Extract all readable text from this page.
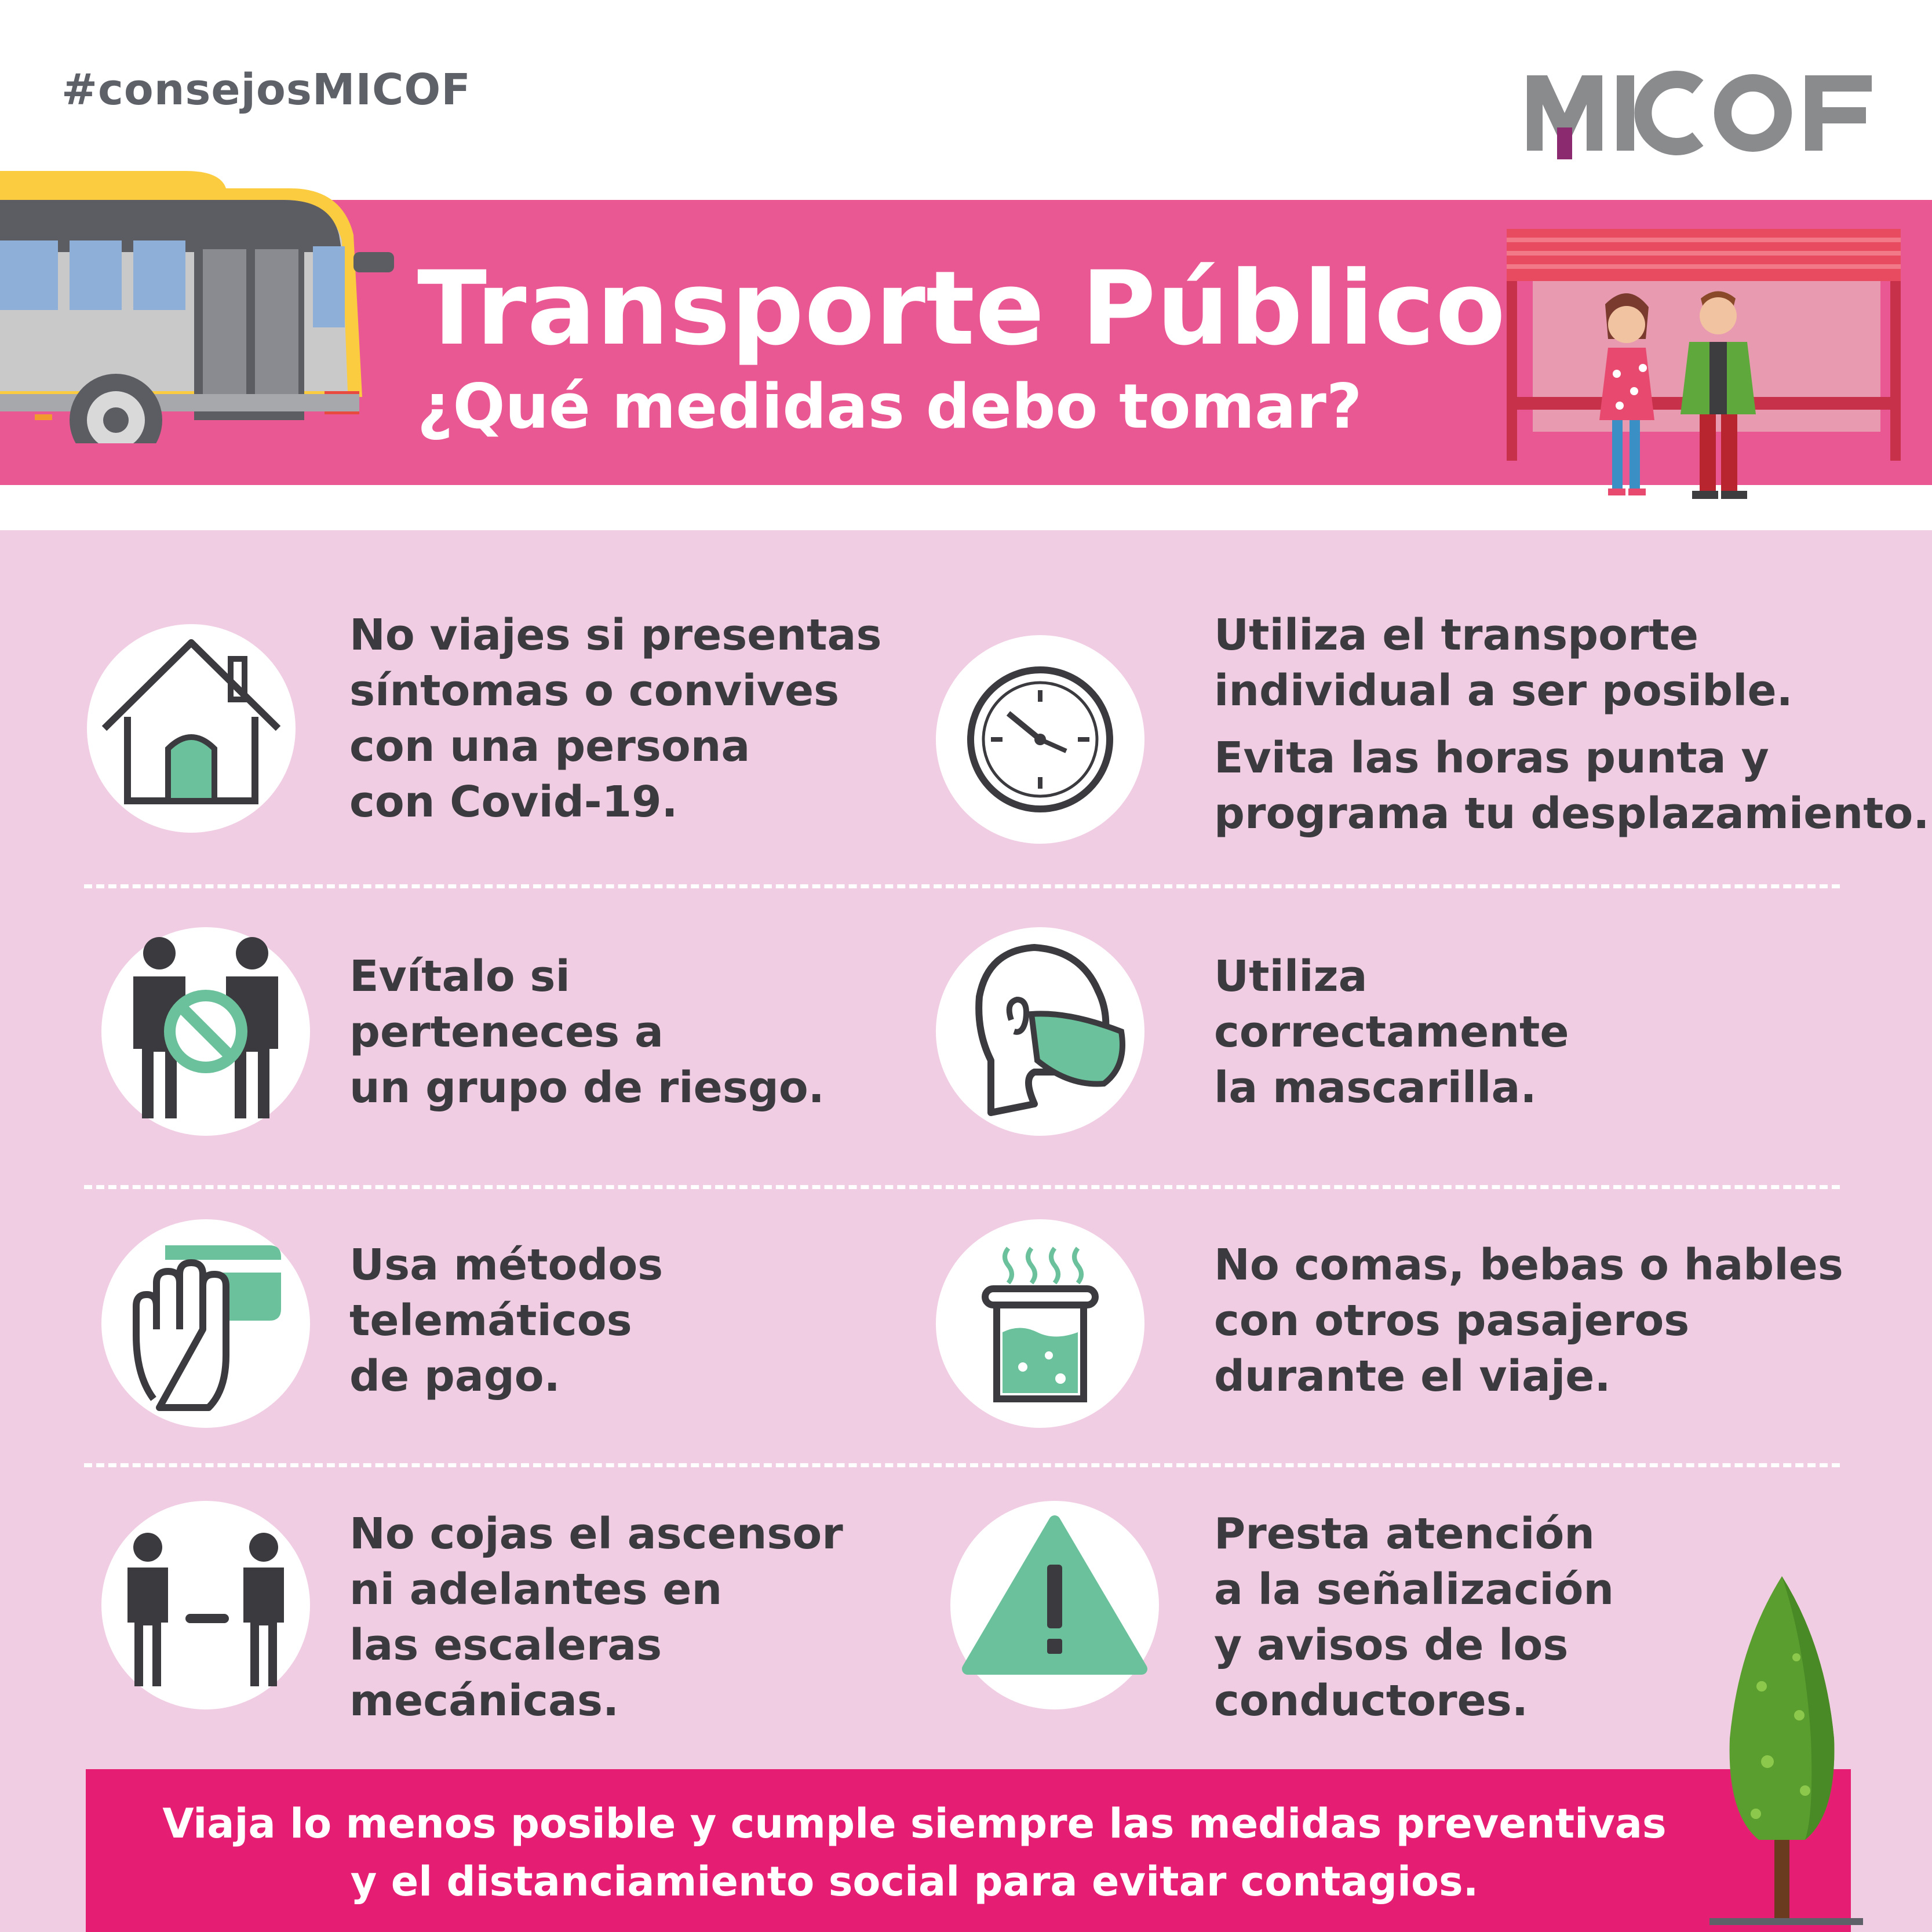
#consejosMICOF
Transporte Público
¿Qué medidas debo tomar?
No viajes si presentas
síntomas o convives
con una persona
con Covid-19.
Utiliza el transporte
individual a ser posible.
Evita las horas punta y
programa tu desplazamiento.
Evítalo si
perteneces a
un grupo de riesgo.
Utiliza
correctamente
la mascarilla.
Usa métodos
telemáticos
de pago.
No comas, bebas o hables
con otros pasajeros
durante el viaje.
No cojas el ascensor
ni adelantes en
las escaleras
mecánicas.
Presta atención
a la señalización
y avisos de los
conductores.
Viaja lo menos posible y cumple siempre las medidas preventivas
y el distanciamiento social para evitar contagios.
